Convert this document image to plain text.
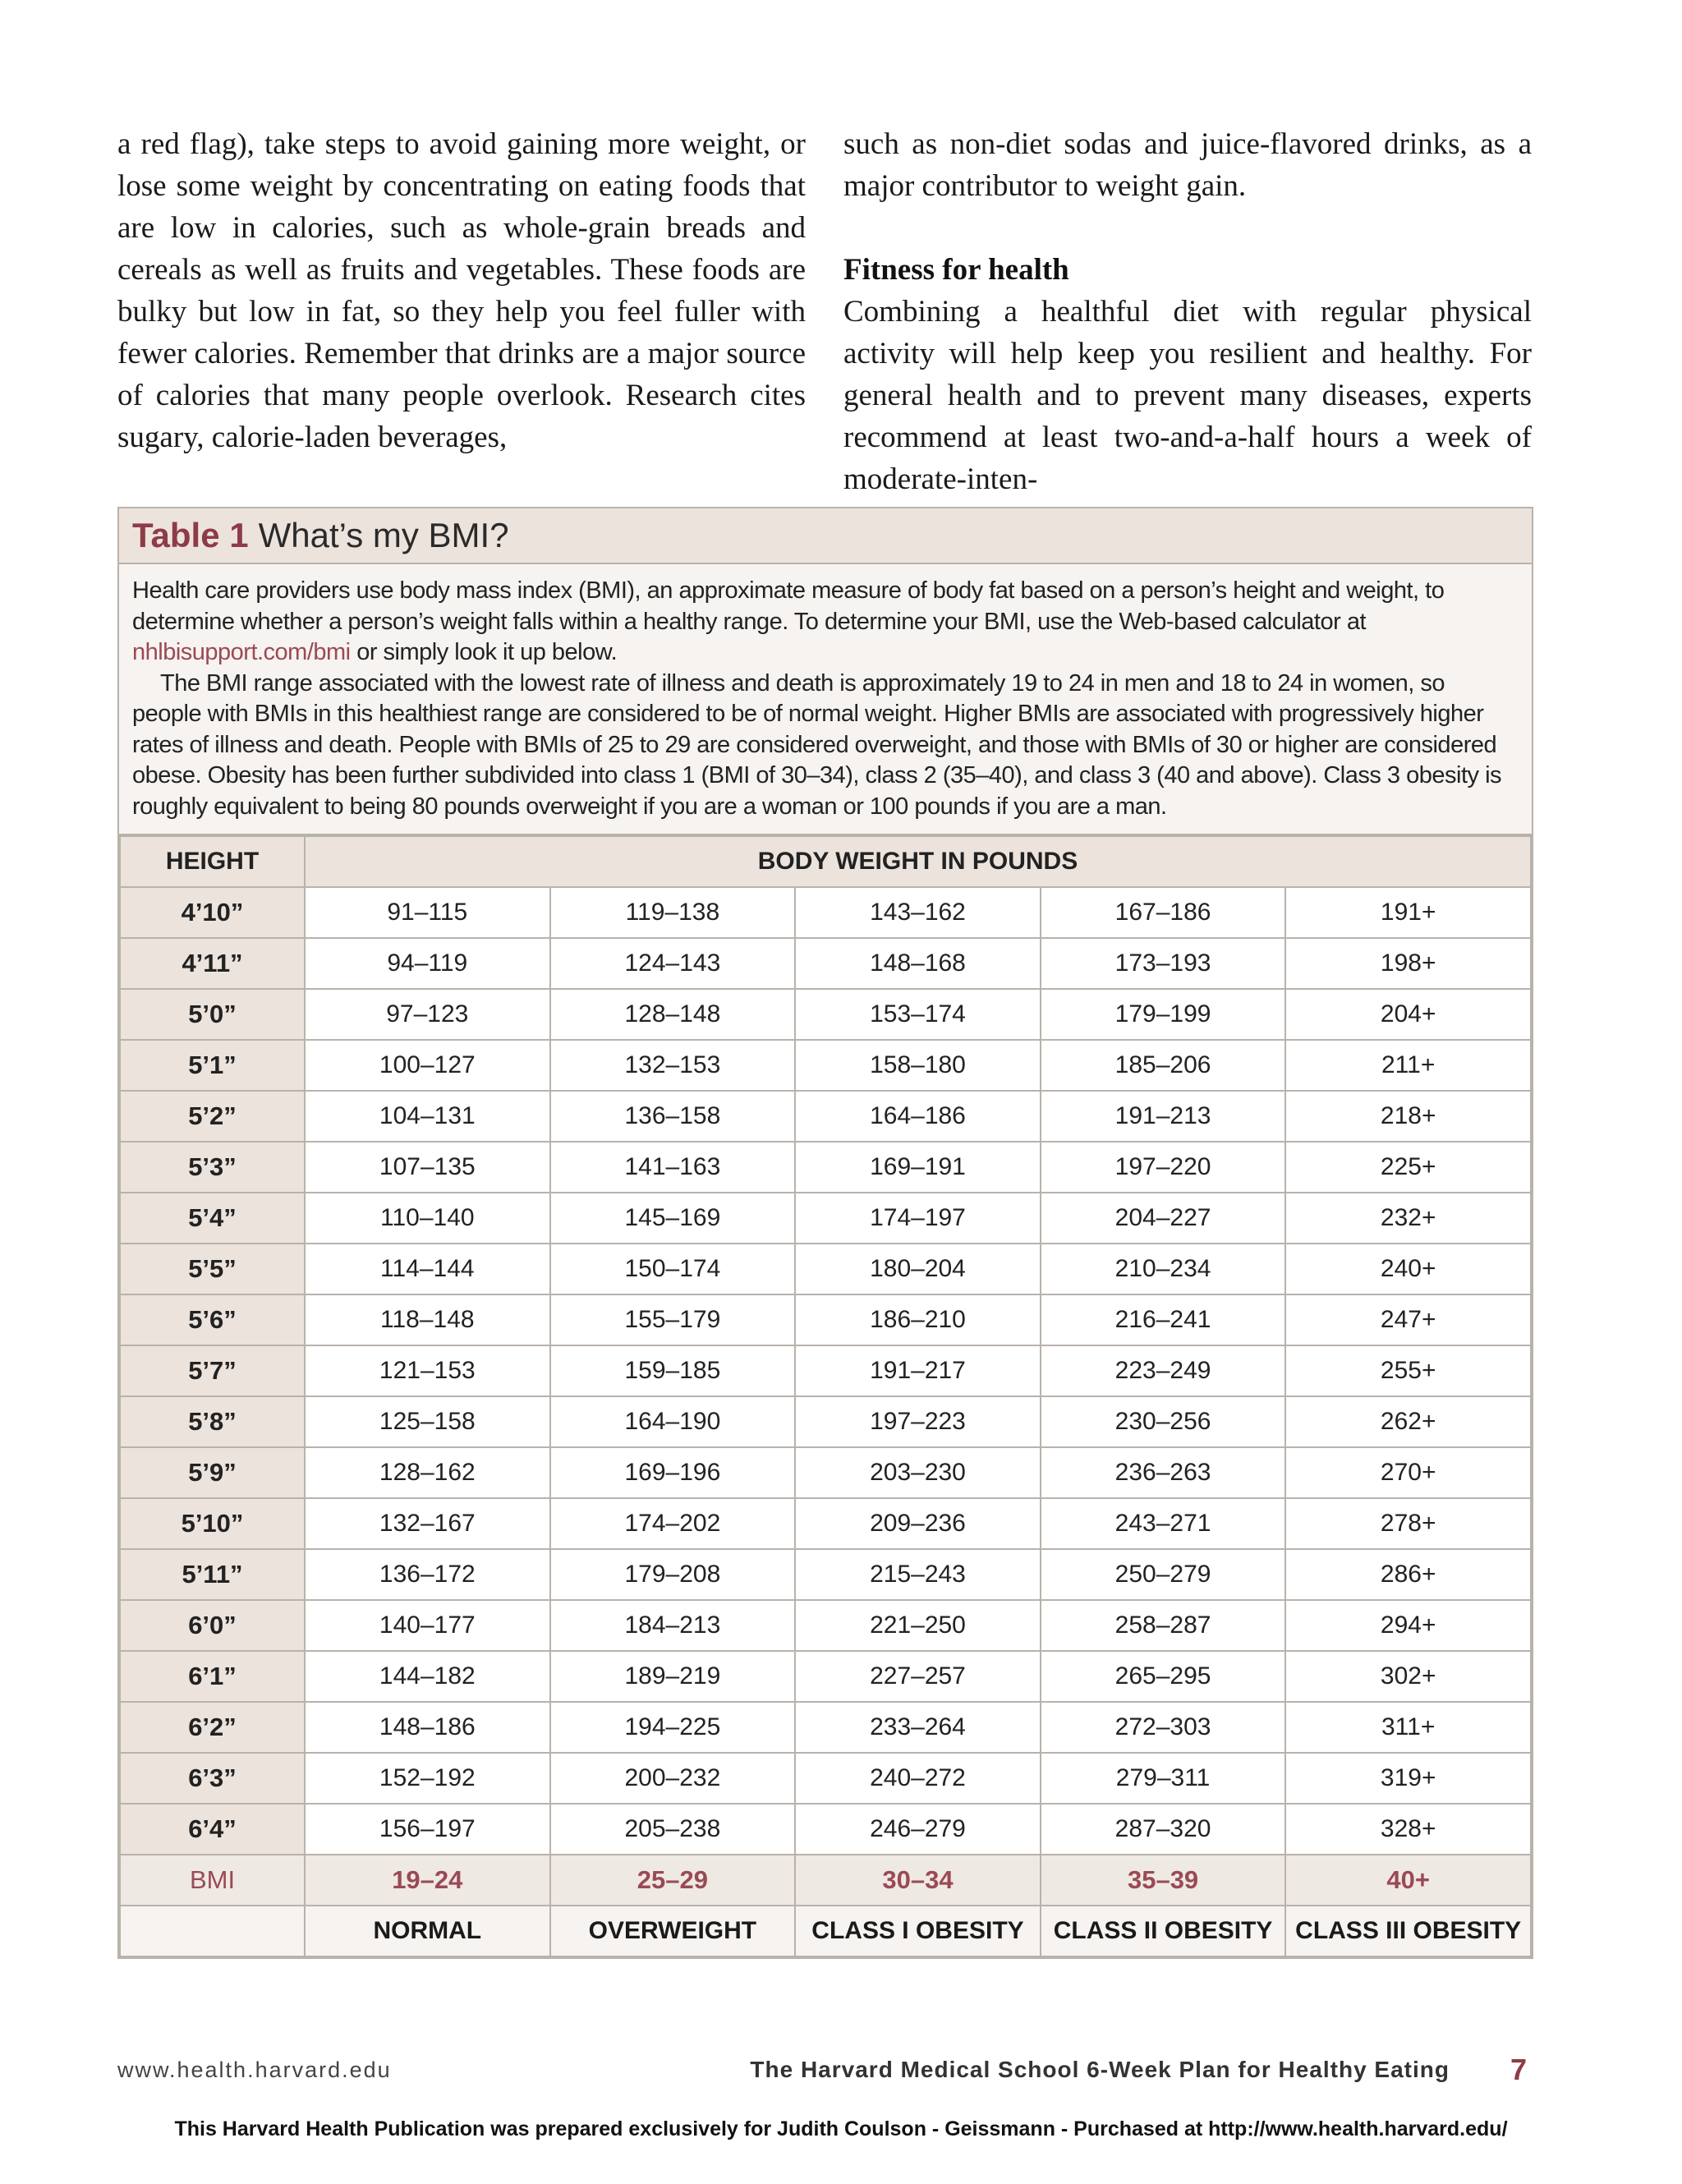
a red flag), take steps to avoid gaining more weight, or lose some weight by concentrating on eating foods that are low in calories, such as whole-grain breads and cereals as well as fruits and vegetables. These foods are bulky but low in fat, so they help you feel fuller with fewer calories. Remember that drinks are a major source of calories that many people overlook. Research cites sugary, calorie-laden beverages,

such as non-diet sodas and juice-flavored drinks, as a major contributor to weight gain.

Fitness for health

Combining a healthful diet with regular physical activity will help keep you resilient and healthy. For general health and to prevent many diseases, experts recommend at least two-and-a-half hours a week of moderate-inten-

Table 1 What’s my BMI?

Health care providers use body mass index (BMI), an approximate measure of body fat based on a person’s height and weight, to determine whether a person’s weight falls within a healthy range. To determine your BMI, use the Web-based calculator at nhlbisupport.com/bmi or simply look it up below.

The BMI range associated with the lowest rate of illness and death is approximately 19 to 24 in men and 18 to 24 in women, so people with BMIs in this healthiest range are considered to be of normal weight. Higher BMIs are associated with progressively higher rates of illness and death. People with BMIs of 25 to 29 are considered overweight, and those with BMIs of 30 or higher are considered obese. Obesity has been further subdivided into class 1 (BMI of 30–34), class 2 (35–40), and class 3 (40 and above). Class 3 obesity is roughly equivalent to being 80 pounds overweight if you are a woman or 100 pounds if you are a man.

HEIGHT	BODY WEIGHT IN POUNDS				
4’10”	91–115	119–138	143–162	167–186	191+
4’11”	94–119	124–143	148–168	173–193	198+
5’0”	97–123	128–148	153–174	179–199	204+
5’1”	100–127	132–153	158–180	185–206	211+
5’2”	104–131	136–158	164–186	191–213	218+
5’3”	107–135	141–163	169–191	197–220	225+
5’4”	110–140	145–169	174–197	204–227	232+
5’5”	114–144	150–174	180–204	210–234	240+
5’6”	118–148	155–179	186–210	216–241	247+
5’7”	121–153	159–185	191–217	223–249	255+
5’8”	125–158	164–190	197–223	230–256	262+
5’9”	128–162	169–196	203–230	236–263	270+
5’10”	132–167	174–202	209–236	243–271	278+
5’11”	136–172	179–208	215–243	250–279	286+
6’0”	140–177	184–213	221–250	258–287	294+
6’1”	144–182	189–219	227–257	265–295	302+
6’2”	148–186	194–225	233–264	272–303	311+
6’3”	152–192	200–232	240–272	279–311	319+
6’4”	156–197	205–238	246–279	287–320	328+
BMI	19–24	25–29	30–34	35–39	40+
	NORMAL	OVERWEIGHT	CLASS I OBESITY	CLASS II OBESITY	CLASS III OBESITY
www.health.harvard.edu	The Harvard Medical School 6-Week Plan for Healthy Eating 7
This Harvard Health Publication was prepared exclusively for Judith Coulson - Geissmann - Purchased at http://www.health.harvard.edu/
